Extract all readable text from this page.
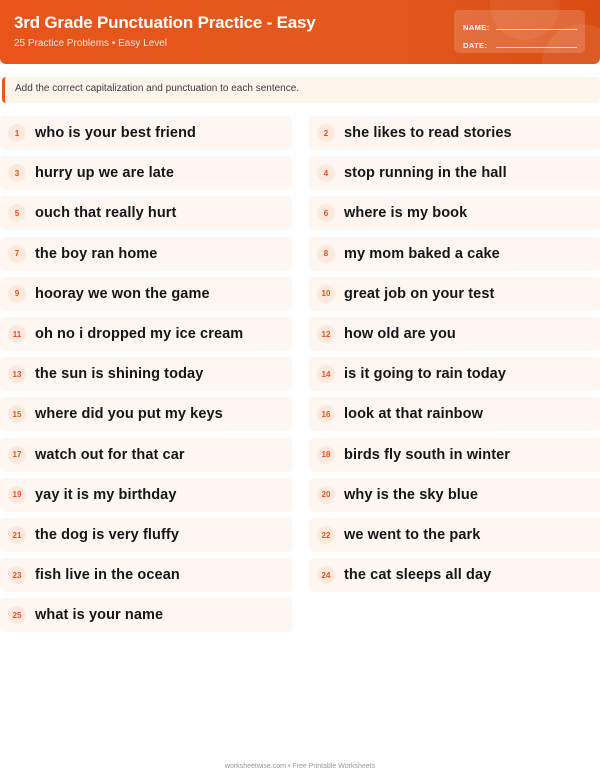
3rd Grade Punctuation Practice - Easy
25 Practice Problems • Easy Level
NAME:
DATE:
Add the correct capitalization and punctuation to each sentence.
1	who is your best friend	2	she likes to read stories
3	hurry up we are late	4	stop running in the hall
5	ouch that really hurt	6	where is my book
7	the boy ran home	8	my mom baked a cake
9	hooray we won the game	10 great job on your test
11 oh no i dropped my ice cream	12 how old are you
13 the sun is shining today	14 is it going to rain today
15 where did you put my keys	16 look at that rainbow
17 watch out for that car	18 birds fly south in winter
19 yay it is my birthday	20 why is the sky blue
21 the dog is very fluffy	22 we went to the park
23 fish live in the ocean	24 the cat sleeps all day
25 what is your name
worksheetwise.com • Free Printable Worksheets
